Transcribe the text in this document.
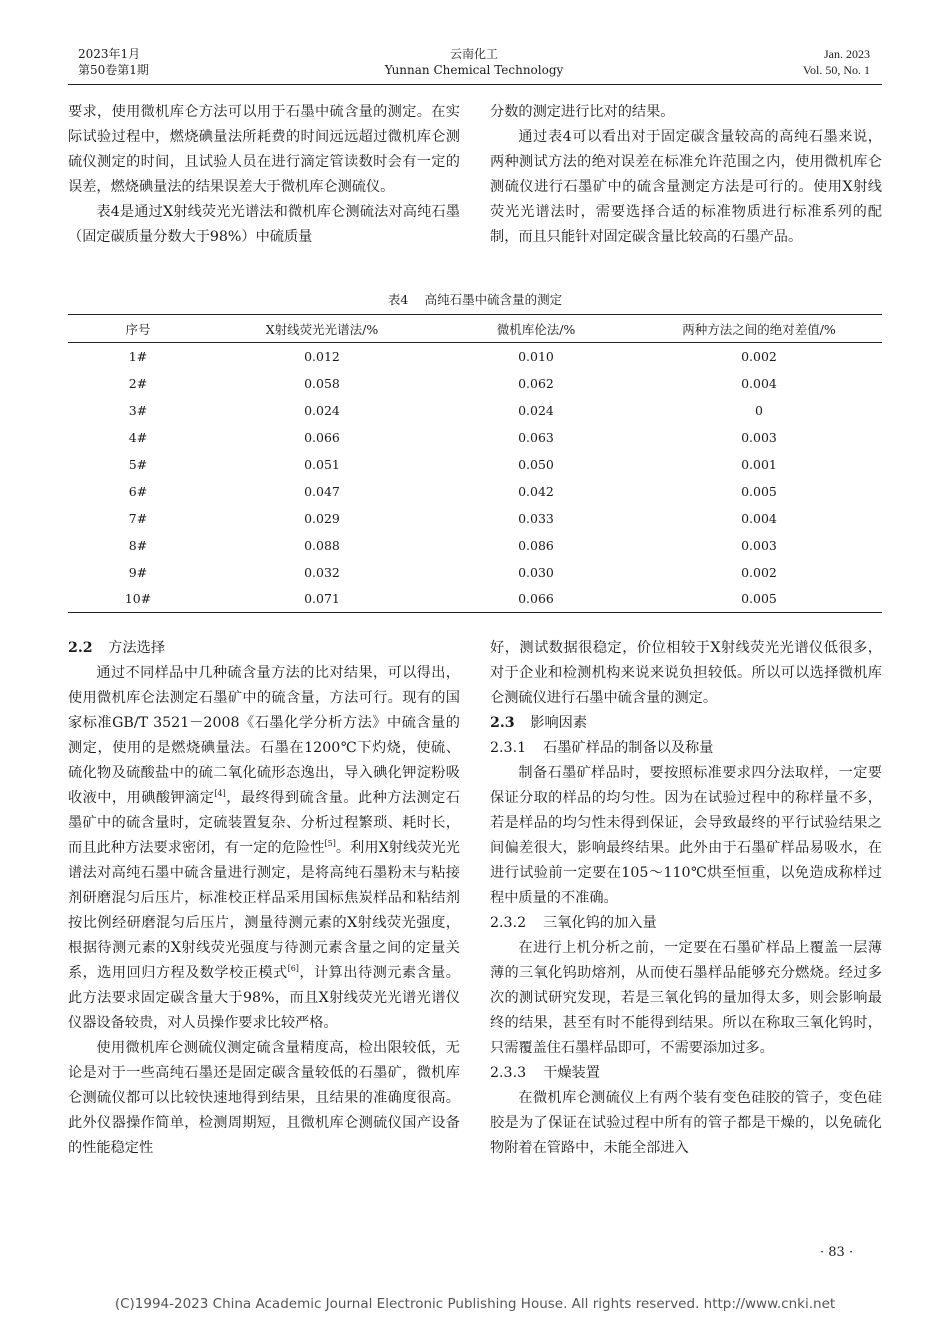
2023年1月
第50卷第1期
云南化工
Yunnan Chemical Technology
Jan. 2023
Vol. 50, No. 1

要求，使用微机库仑方法可以用于石墨中硫含量的测定。在实际试验过程中，燃烧碘量法所耗费的时间远远超过微机库仑测硫仪测定的时间，且试验人员在进行滴定管读数时会有一定的误差，燃烧碘量法的结果误差大于微机库仑测硫仪。

表4是通过X射线荧光光谱法和微机库仑测硫法对高纯石墨（固定碳质量分数大于98%）中硫质量

分数的测定进行比对的结果。

通过表4可以看出对于固定碳含量较高的高纯石墨来说，两种测试方法的绝对误差在标准允许范围之内，使用微机库仑测硫仪进行石墨矿中的硫含量测定方法是可行的。使用X射线荧光光谱法时，需要选择合适的标准物质进行标准系列的配制，而且只能针对固定碳含量比较高的石墨产品。

表4 高纯石墨中硫含量的测定
序号	X射线荧光光谱法/%	微机库伦法/%	两种方法之间的绝对差值/%
1#	0.012	0.010	0.002
2#	0.058	0.062	0.004
3#	0.024	0.024	0
4#	0.066	0.063	0.003
5#	0.051	0.050	0.001
6#	0.047	0.042	0.005
7#	0.029	0.033	0.004
8#	0.088	0.086	0.003
9#	0.032	0.030	0.002
10#	0.071	0.066	0.005

2.2 方法选择

通过不同样品中几种硫含量方法的比对结果，可以得出，使用微机库仑法测定石墨矿中的硫含量，方法可行。现有的国家标准GB/T 3521－2008《石墨化学分析方法》中硫含量的测定，使用的是燃烧碘量法。石墨在1200℃下灼烧，使硫、硫化物及硫酸盐中的硫二氧化硫形态逸出，导入碘化钾淀粉吸收液中，用碘酸钾滴定[4]，最终得到硫含量。此种方法测定石墨矿中的硫含量时，定硫装置复杂、分析过程繁琐、耗时长，而且此种方法要求密闭，有一定的危险性[5]。利用X射线荧光光谱法对高纯石墨中硫含量进行测定，是将高纯石墨粉末与粘接剂研磨混匀后压片，标准校正样品采用国标焦炭样品和粘结剂按比例经研磨混匀后压片，测量待测元素的X射线荧光强度，根据待测元素的X射线荧光强度与待测元素含量之间的定量关系，选用回归方程及数学校正模式[6]，计算出待测元素含量。此方法要求固定碳含量大于98%，而且X射线荧光光谱光谱仪仪器设备较贵，对人员操作要求比较严格。

使用微机库仑测硫仪测定硫含量精度高，检出限较低，无论是对于一些高纯石墨还是固定碳含量较低的石墨矿，微机库仑测硫仪都可以比较快速地得到结果，且结果的准确度很高。此外仪器操作简单，检测周期短，且微机库仑测硫仪国产设备的性能稳定性

好，测试数据很稳定，价位相较于X射线荧光光谱仪低很多，对于企业和检测机构来说来说负担较低。所以可以选择微机库仑测硫仪进行石墨中硫含量的测定。

2.3 影响因素

2.3.1 石墨矿样品的制备以及称量

制备石墨矿样品时，要按照标准要求四分法取样，一定要保证分取的样品的均匀性。因为在试验过程中的称样量不多，若是样品的均匀性未得到保证，会导致最终的平行试验结果之间偏差很大，影响最终结果。此外由于石墨矿样品易吸水，在进行试验前一定要在105～110℃烘至恒重，以免造成称样过程中质量的不准确。

2.3.2 三氧化钨的加入量

在进行上机分析之前，一定要在石墨矿样品上覆盖一层薄薄的三氧化钨助熔剂，从而使石墨样品能够充分燃烧。经过多次的测试研究发现，若是三氧化钨的量加得太多，则会影响最终的结果，甚至有时不能得到结果。所以在称取三氧化钨时，只需覆盖住石墨样品即可，不需要添加过多。

2.3.3 干燥装置

在微机库仑测硫仪上有两个装有变色硅胶的管子，变色硅胶是为了保证在试验过程中所有的管子都是干燥的，以免硫化物附着在管路中，未能全部进入

· 83 ·
(C)1994-2023 China Academic Journal Electronic Publishing House. All rights reserved. http://www.cnki.net
